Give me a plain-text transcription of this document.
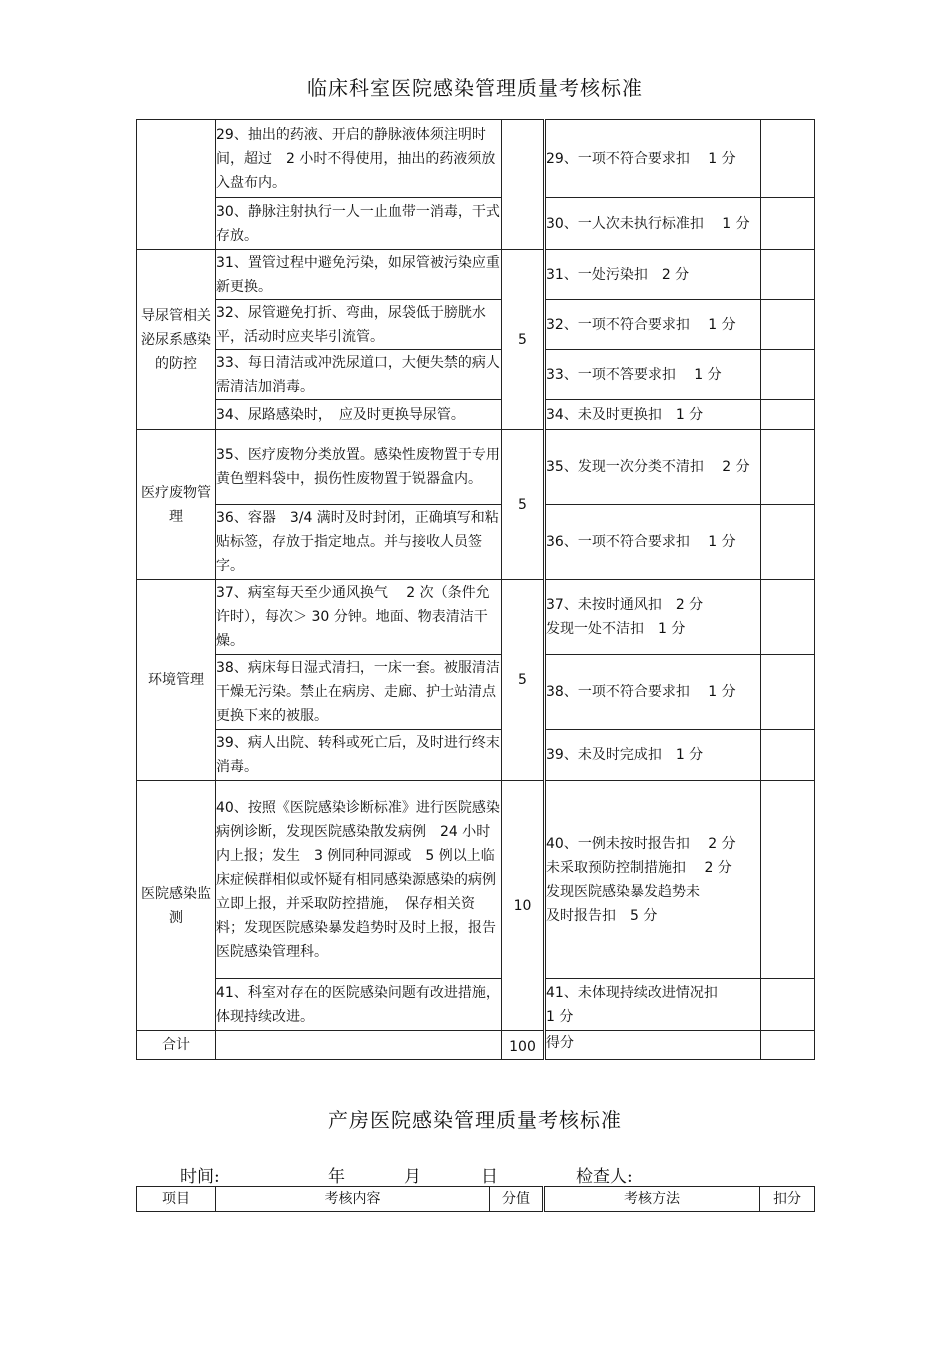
临床科室医院感染管理质量考核标准
	29、抽出的药液、开启的静脉液体须注明时间，超过　2 小时不得使用，抽出的药液须放入盘布内。		29、一项不符合要求扣　 1 分	
	30、静脉注射执行一人一止血带一消毒，干式存放。		30、一人次未执行标准扣　 1 分	
导尿管相关泌尿系感染的防控	31、置管过程中避免污染，如尿管被污染应重新更换。	5	31、一处污染扣　2 分	
	32、尿管避免打折、弯曲，尿袋低于膀胱水平，活动时应夹毕引流管。		32、一项不符合要求扣　 1 分	
	33、每日清洁或冲洗尿道口，大便失禁的病人需清洁加消毒。		33、一项不答要求扣　 1 分	
	34、尿路感染时，　应及时更换导尿管。		34、未及时更换扣　1 分	
医疗废物管理	35、医疗废物分类放置。感染性废物置于专用黄色塑料袋中，损伤性废物置于锐器盒内。	5	35、发现一次分类不清扣　 2 分	
	36、容器　3/4 满时及时封闭，正确填写和粘贴标签，存放于指定地点。并与接收人员签字。		36、一项不符合要求扣　 1 分	
环境管理	37、病室每天至少通风换气　 2 次（条件允许时），每次＞ 30 分钟。地面、物表清洁干燥。	5	37、未按时通风扣　2 分
发现一处不洁扣　1 分	
	38、病床每日湿式清扫，一床一套。被服清洁干燥无污染。禁止在病房、走廊、护士站清点更换下来的被服。		38、一项不符合要求扣　 1 分	
	39、病人出院、转科或死亡后，及时进行终末消毒。		39、未及时完成扣　1 分	
医院感染监测	40、按照《医院感染诊断标准》进行医院感染病例诊断，发现医院感染散发病例　24 小时内上报；发生　3 例同种同源或　5 例以上临床症候群相似或怀疑有相同感染源感染的病例立即上报，并采取防控措施，　保存相关资料；发现医院感染暴发趋势时及时上报，报告医院感染管理科。	10	40、一例未按时报告扣　 2 分
未采取预防控制措施扣　 2 分
发现医院感染暴发趋势未
及时报告扣　5 分	
	41、科室对存在的医院感染问题有改进措施，体现持续改进。		41、未体现持续改进情况扣
1 分	
合计		100	得分	
产房医院感染管理质量考核标准
时间:	年	月	日	检查人:
项目	考核内容	分值	考核方法	扣分
